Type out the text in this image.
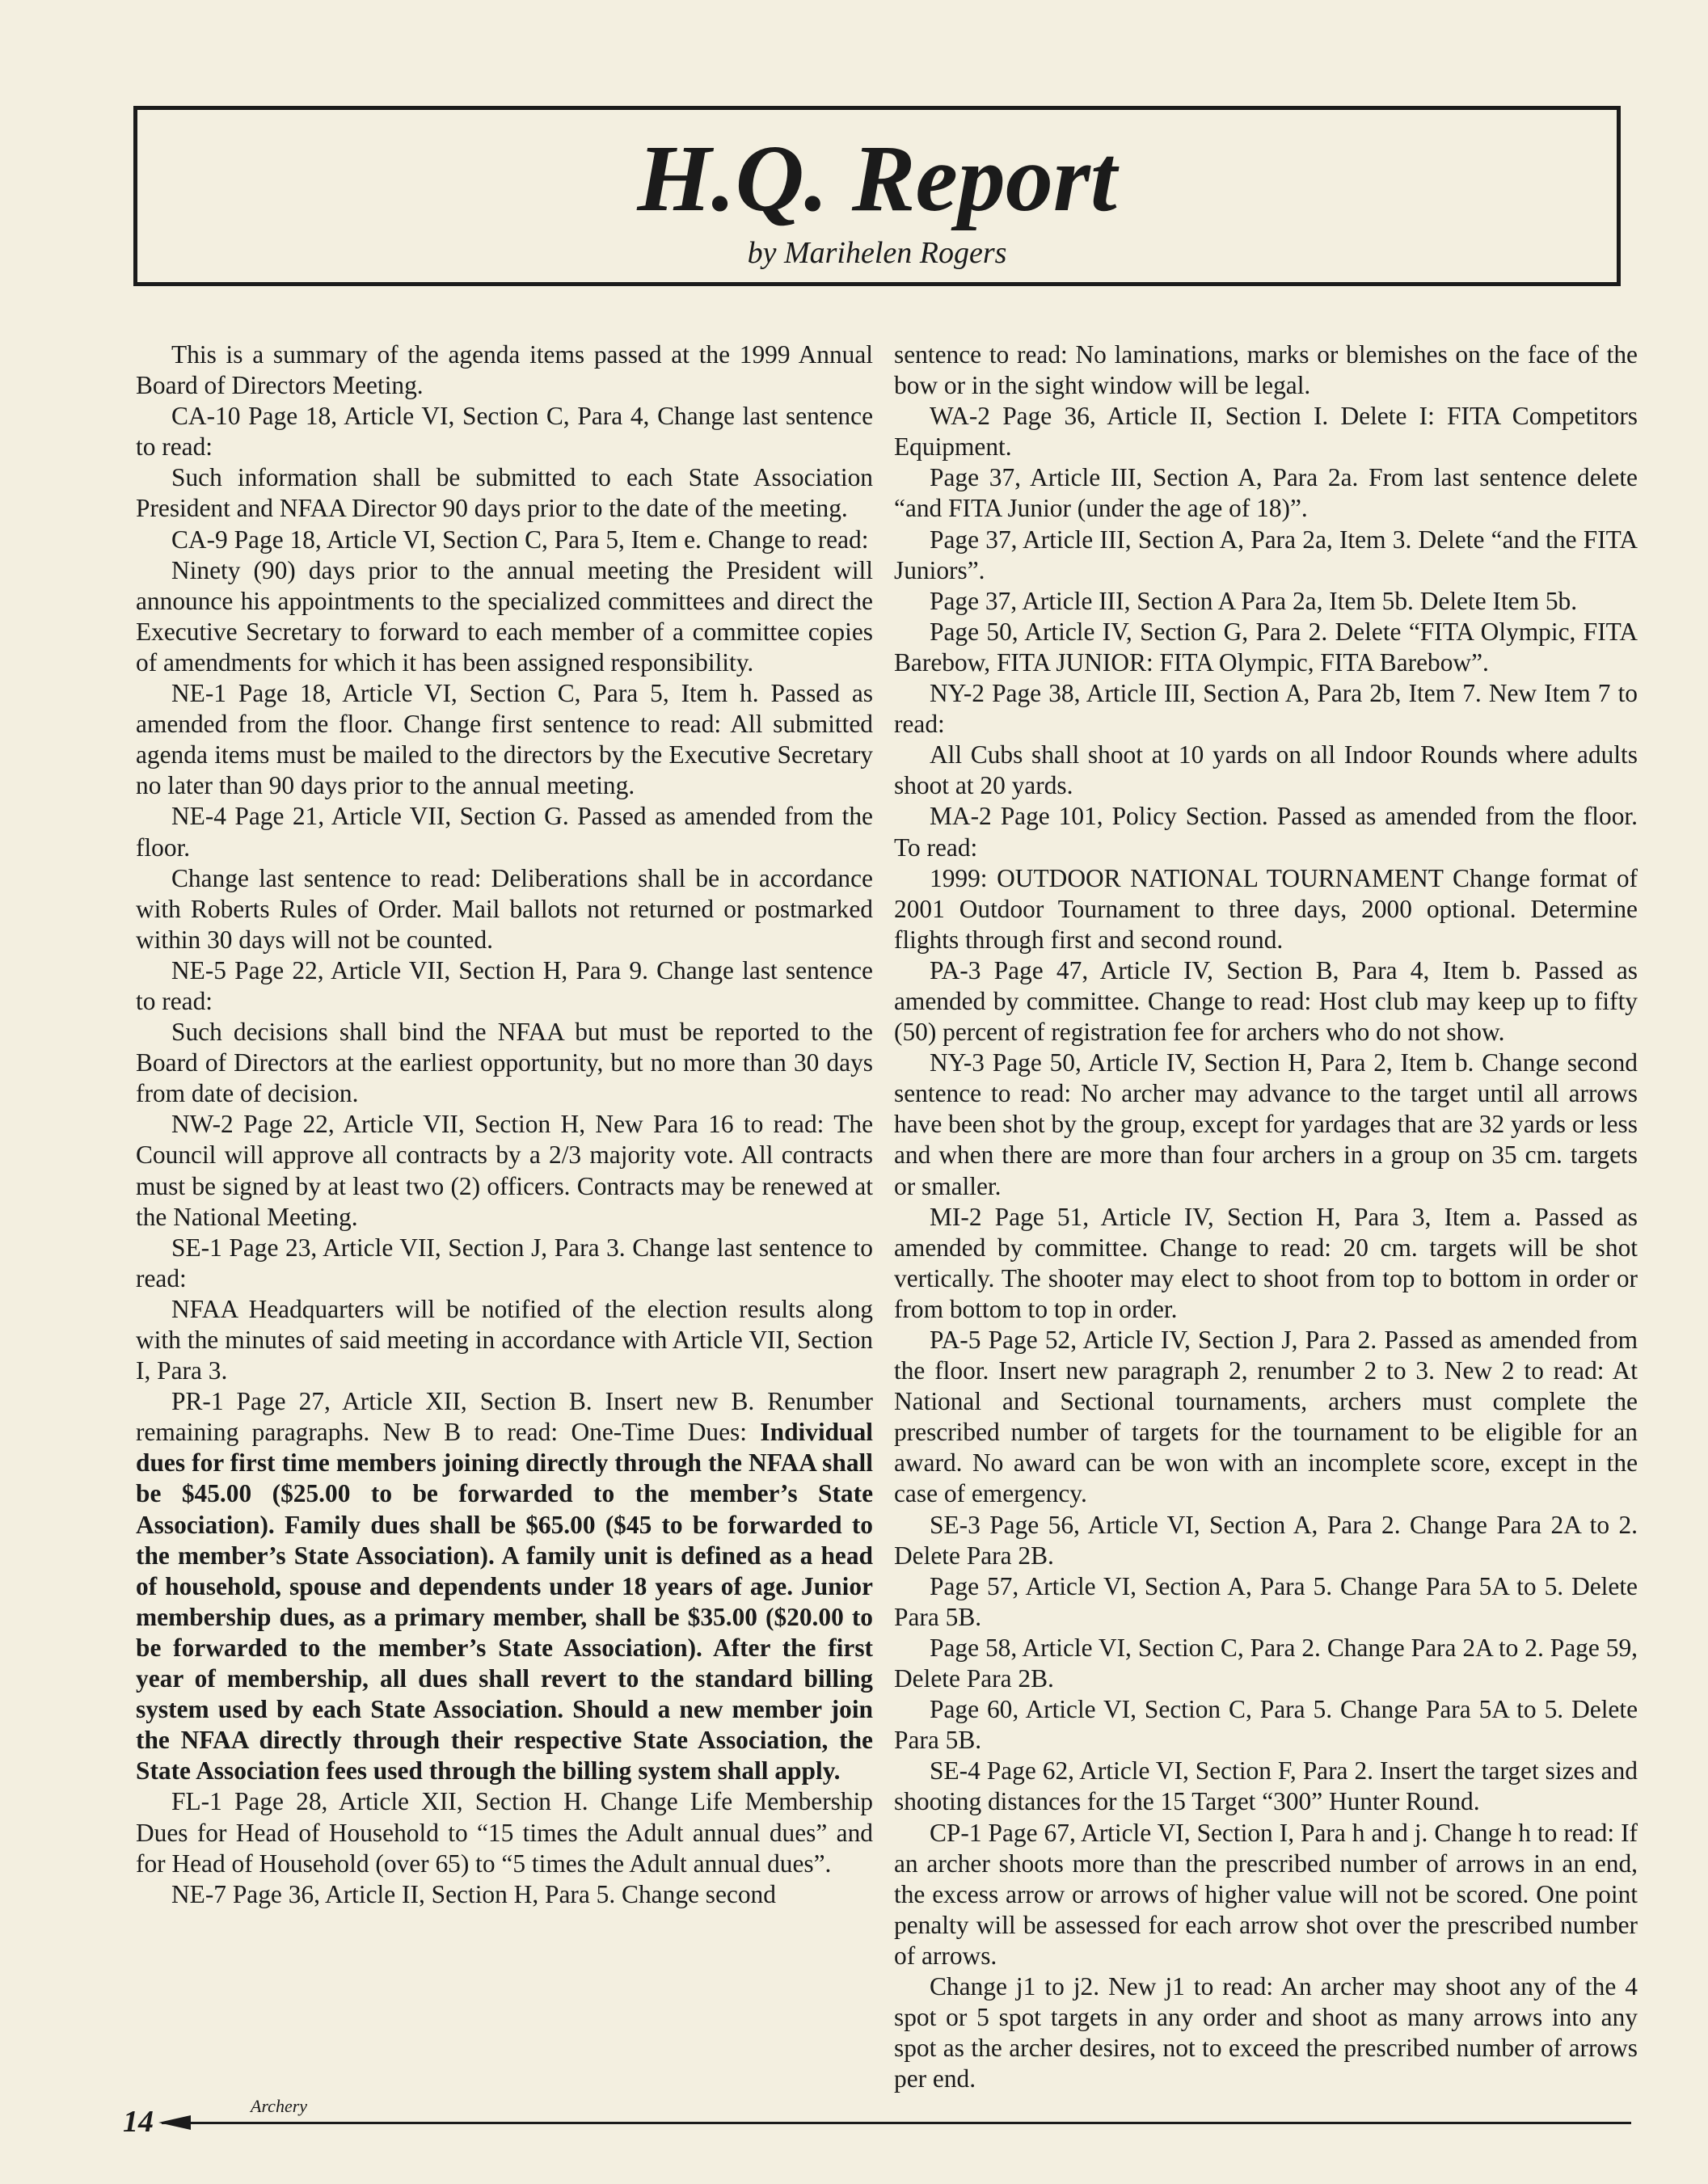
H.Q. Report
by Marihelen Rogers

This is a summary of the agenda items passed at the 1999 Annual Board of Directors Meeting.

CA-10 Page 18, Article VI, Section C, Para 4, Change last sentence to read:

Such information shall be submitted to each State Association President and NFAA Director 90 days prior to the date of the meeting.

CA-9 Page 18, Article VI, Section C, Para 5, Item e. Change to read:

Ninety (90) days prior to the annual meeting the President will announce his appointments to the specialized committees and direct the Executive Secretary to forward to each member of a committee copies of amendments for which it has been assigned responsibility.

NE-1 Page 18, Article VI, Section C, Para 5, Item h. Passed as amended from the floor. Change first sentence to read: All submitted agenda items must be mailed to the directors by the Executive Secretary no later than 90 days prior to the annual meeting.

NE-4 Page 21, Article VII, Section G. Passed as amended from the floor.

Change last sentence to read: Deliberations shall be in accordance with Roberts Rules of Order. Mail ballots not returned or postmarked within 30 days will not be counted.

NE-5 Page 22, Article VII, Section H, Para 9. Change last sentence to read:

Such decisions shall bind the NFAA but must be reported to the Board of Directors at the earliest opportunity, but no more than 30 days from date of decision.

NW-2 Page 22, Article VII, Section H, New Para 16 to read: The Council will approve all contracts by a 2/3 majority vote. All contracts must be signed by at least two (2) officers. Contracts may be renewed at the National Meeting.

SE-1 Page 23, Article VII, Section J, Para 3. Change last sentence to read:

NFAA Headquarters will be notified of the election results along with the minutes of said meeting in accordance with Article VII, Section I, Para 3.

PR-1 Page 27, Article XII, Section B. Insert new B. Renumber remaining paragraphs. New B to read: One-Time Dues: Individual dues for first time members joining directly through the NFAA shall be $45.00 ($25.00 to be forwarded to the member’s State Association). Family dues shall be $65.00 ($45 to be forwarded to the member’s State Association). A family unit is defined as a head of household, spouse and dependents under 18 years of age. Junior membership dues, as a primary member, shall be $35.00 ($20.00 to be forwarded to the member’s State Association). After the first year of membership, all dues shall revert to the standard billing system used by each State Association. Should a new member join the NFAA directly through their respective State Association, the State Association fees used through the billing system shall apply.

FL-1 Page 28, Article XII, Section H. Change Life Membership Dues for Head of Household to “15 times the Adult annual dues” and for Head of Household (over 65) to “5 times the Adult annual dues”.

NE-7 Page 36, Article II, Section H, Para 5. Change second

sentence to read: No laminations, marks or blemishes on the face of the bow or in the sight window will be legal.

WA-2 Page 36, Article II, Section I. Delete I: FITA Competitors Equipment.

Page 37, Article III, Section A, Para 2a. From last sentence delete “and FITA Junior (under the age of 18)”.

Page 37, Article III, Section A, Para 2a, Item 3. Delete “and the FITA Juniors”.

Page 37, Article III, Section A Para 2a, Item 5b. Delete Item 5b.

Page 50, Article IV, Section G, Para 2. Delete “FITA Olympic, FITA Barebow, FITA JUNIOR: FITA Olympic, FITA Barebow”.

NY-2 Page 38, Article III, Section A, Para 2b, Item 7. New Item 7 to read:

All Cubs shall shoot at 10 yards on all Indoor Rounds where adults shoot at 20 yards.

MA-2 Page 101, Policy Section. Passed as amended from the floor. To read:

1999: OUTDOOR NATIONAL TOURNAMENT Change format of 2001 Outdoor Tournament to three days, 2000 optional. Determine flights through first and second round.

PA-3 Page 47, Article IV, Section B, Para 4, Item b. Passed as amended by committee. Change to read: Host club may keep up to fifty (50) percent of registration fee for archers who do not show.

NY-3 Page 50, Article IV, Section H, Para 2, Item b. Change second sentence to read: No archer may advance to the target until all arrows have been shot by the group, except for yardages that are 32 yards or less and when there are more than four archers in a group on 35 cm. targets or smaller.

MI-2 Page 51, Article IV, Section H, Para 3, Item a. Passed as amended by committee. Change to read: 20 cm. targets will be shot vertically. The shooter may elect to shoot from top to bottom in order or from bottom to top in order.

PA-5 Page 52, Article IV, Section J, Para 2. Passed as amended from the floor. Insert new paragraph 2, renumber 2 to 3. New 2 to read: At National and Sectional tournaments, archers must complete the prescribed number of targets for the tournament to be eligible for an award. No award can be won with an incomplete score, except in the case of emergency.

SE-3 Page 56, Article VI, Section A, Para 2. Change Para 2A to 2. Delete Para 2B.

Page 57, Article VI, Section A, Para 5. Change Para 5A to 5. Delete Para 5B.

Page 58, Article VI, Section C, Para 2. Change Para 2A to 2. Page 59, Delete Para 2B.

Page 60, Article VI, Section C, Para 5. Change Para 5A to 5. Delete Para 5B.

SE-4 Page 62, Article VI, Section F, Para 2. Insert the target sizes and shooting distances for the 15 Target “300” Hunter Round.

CP-1 Page 67, Article VI, Section I, Para h and j. Change h to read: If an archer shoots more than the prescribed number of arrows in an end, the excess arrow or arrows of higher value will not be scored. One point penalty will be assessed for each arrow shot over the prescribed number of arrows.

Change j1 to j2. New j1 to read: An archer may shoot any of the 4 spot or 5 spot targets in any order and shoot as many arrows into any spot as the archer desires, not to exceed the prescribed number of arrows per end.

14	Archery
